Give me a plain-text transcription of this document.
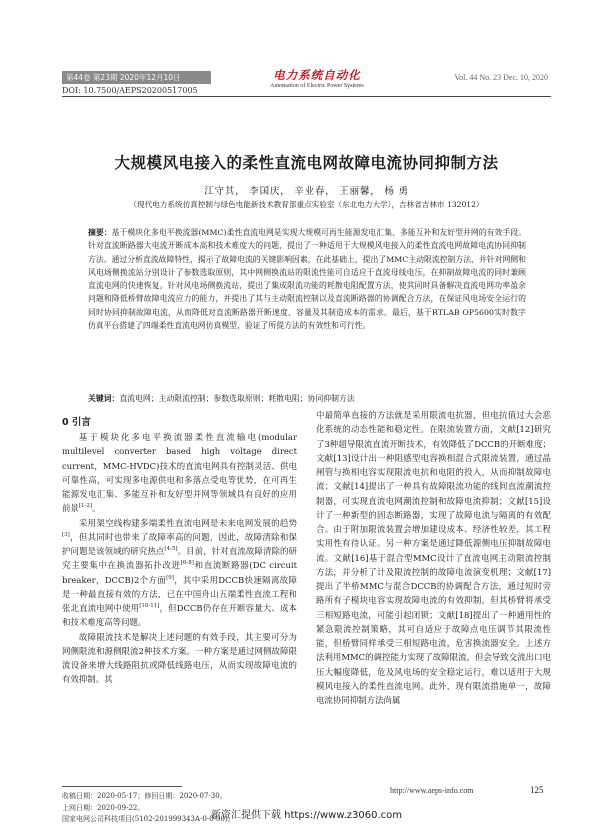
第44卷 第23期 2020年12月10日
DOI: 10.7500/AEPS20200517005
电力系统自动化
Automation of Electric Power Systems
Vol. 44 No. 23 Dec. 10, 2020
大规模风电接入的柔性直流电网故障电流协同抑制方法
江守其， 李国庆， 辛业春， 王丽馨， 杨 勇
（现代电力系统仿真控制与绿色电能新技术教育部重点实验室（东北电力大学），吉林省吉林市 132012）

摘要：基于模块化多电平换流器(MMC)柔性直流电网是实现大规模可再生能源发电汇集、多能互补和友好型并网的有效手段。针对直流断路器大电流开断成本高和技术难度大的问题，提出了一种适用于大规模风电接入的柔性直流电网故障电流协同抑制方法。通过分析直流故障特性，揭示了故障电流的关键影响因素，在此基础上，提出了MMC主动限流控制方法，并针对网侧和风电场侧换流站分别设计了参数选取原则，其中网侧换流站的限流性能可自适应于直流母线电压，在抑制故障电流的同时兼顾直流电网的快速恢复。针对风电场侧换流站，提出了集成限流功能的耗散电阻配置方法，使其同时具备解决直流电网功率盈余问题和降低桥臂故障电流应力的能力，并提出了其与主动限流控制以及直流断路器的协调配合方法，在保证风电场安全运行的同时协同抑制故障电流，从而降低对直流断路器开断速度、容量及其制造成本的需求。最后，基于RTLAB OP5600实时数字仿真平台搭建了四端柔性直流电网仿真模型，验证了所提方法的有效性和可行性。

关键词：直流电网；主动限流控制；参数选取原则；耗散电阻；协同抑制方法

0 引言

基于模块化多电平换流器柔性直流输电(modular multilevel converter based high voltage direct current，MMC-HVDC)技术的直流电网具有控制灵活、供电可靠性高，可实现多电源供电和多落点受电等优势，在可再生能源发电汇集、多能互补和友好型并网等领域具有良好的应用前景[1-2]。

采用架空线构建多端柔性直流电网是未来电网发展的趋势[3]，但其同时也带来了故障率高的问题，因此，故障清除和保护问题是该领域的研究热点[4-5]。目前，针对直流故障清除的研究主要集中在换流器拓扑改进[6-8]和直流断路器(DC circuit breaker，DCCB)2个方面[9]，其中采用DCCB快速隔离故障是一种最直接有效的方法，已在中国舟山五端柔性直流工程和张北直流电网中使用[10-11]，但DCCB仍存在开断容量大、成本和技术难度高等问题。

故障限流技术是解决上述问题的有效手段，其主要可分为网侧限流和源侧限流2种技术方案。一种方案是通过网侧故障限流设备来增大线路阻抗或降低线路电压，从而实现故障电流的有效抑制。其

中最简单直接的方法就是采用限流电抗器，但电抗值过大会恶化系统的动态性能和稳定性。在限流装置方面，文献[12]研究了3种超导限流直流开断技术，有效降低了DCCB的开断难度；文献[13]设计出一种阻感型电容换相混合式限流装置，通过晶闸管与换相电容实现限流电抗和电阻的投入，从而抑制故障电流；文献[14]提出了一种具有故障限流功能的线间直流潮流控制器，可实现直流电网潮流控制和故障电流抑制；文献[15]设计了一种新型的固态断路器，实现了故障电流与隔离的有效配合。由于附加限流装置会增加建设成本、经济性较差，其工程实用性有待认证。另一种方案是通过降低源侧电压抑制故障电流。文献[16]基于混合型MMC设计了直流电网主动限流控制方法，并分析了计及限流控制的故障电流演变机理；文献[17]提出了半桥MMC与混合DCCB的协调配合方法，通过短时旁路所有子模块电容实现故障电流的有效抑制，但其桥臂将承受三相短路电流，可能引起闭锁；文献[18]提出了一种通用性的紧急限流控制策略，其可自适应于故障点电压调节其限流性能，但桥臂同样承受三相短路电流，危害换流器安全。上述方法利用MMC的调控能力实现了故障限流，但会导致交流出口电压大幅度降低，危及风电场的安全稳定运行，难以适用于大规模风电接入的柔性直流电网。此外，现有限流措施单一，故障电流协同抑制方法尚属

收稿日期：2020-05-17；修回日期：2020-07-30。
上网日期：2020-09-22。
国家电网公司科技项目(5102-201999343A-0-0-00)。
http://www.aeps-info.com	125
新资汇提供下载 https://www.z3060.com
